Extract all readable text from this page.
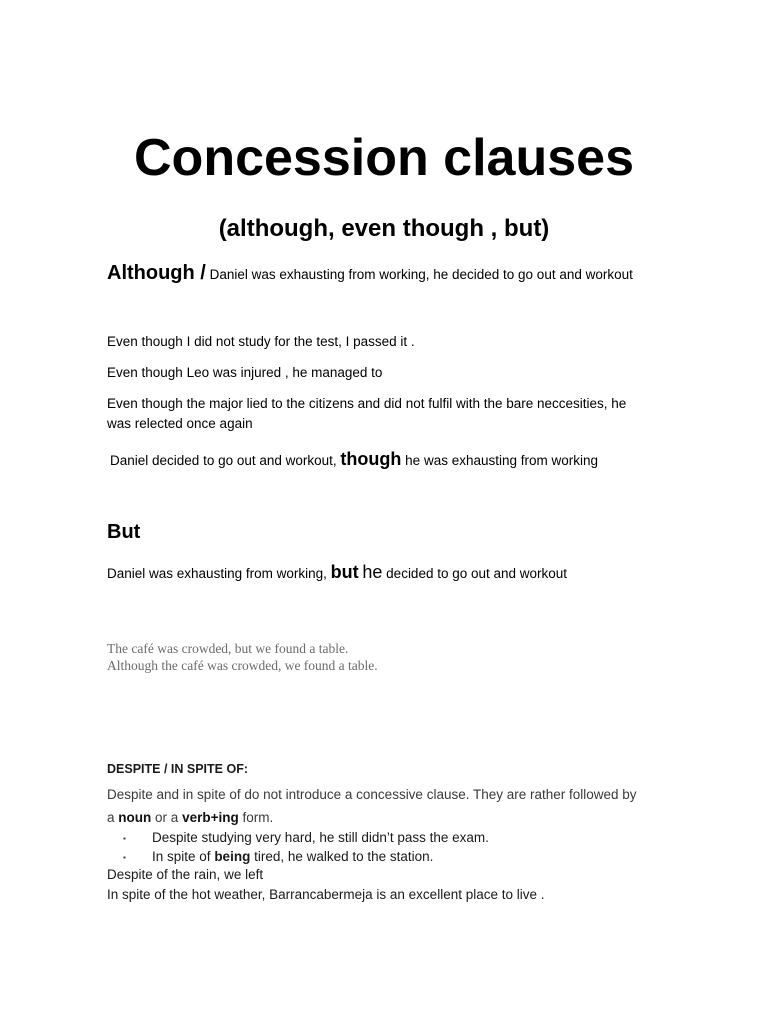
Concession clauses
(although, even though , but)
Although / Daniel was exhausting from working, he decided to go out and workout
Even though I did not study for the test, I passed it .
Even though Leo was injured , he managed to
Even though the major lied to the citizens and did not fulfil with the bare neccesities, he
was relected once again
Daniel decided to go out and workout, though he was exhausting from working
But
Daniel was exhausting from working, but he decided to go out and workout
The café was crowded, but we found a table.
Although the café was crowded, we found a table.
DESPITE / IN SPITE OF:
Despite and in spite of do not introduce a concessive clause. They are rather followed by
a noun or a verb+ing form.
▪ Despite studying very hard, he still didn’t pass the exam.
▪ In spite of being tired, he walked to the station.
Despite of the rain, we left
In spite of the hot weather, Barrancabermeja is an excellent place to live .
